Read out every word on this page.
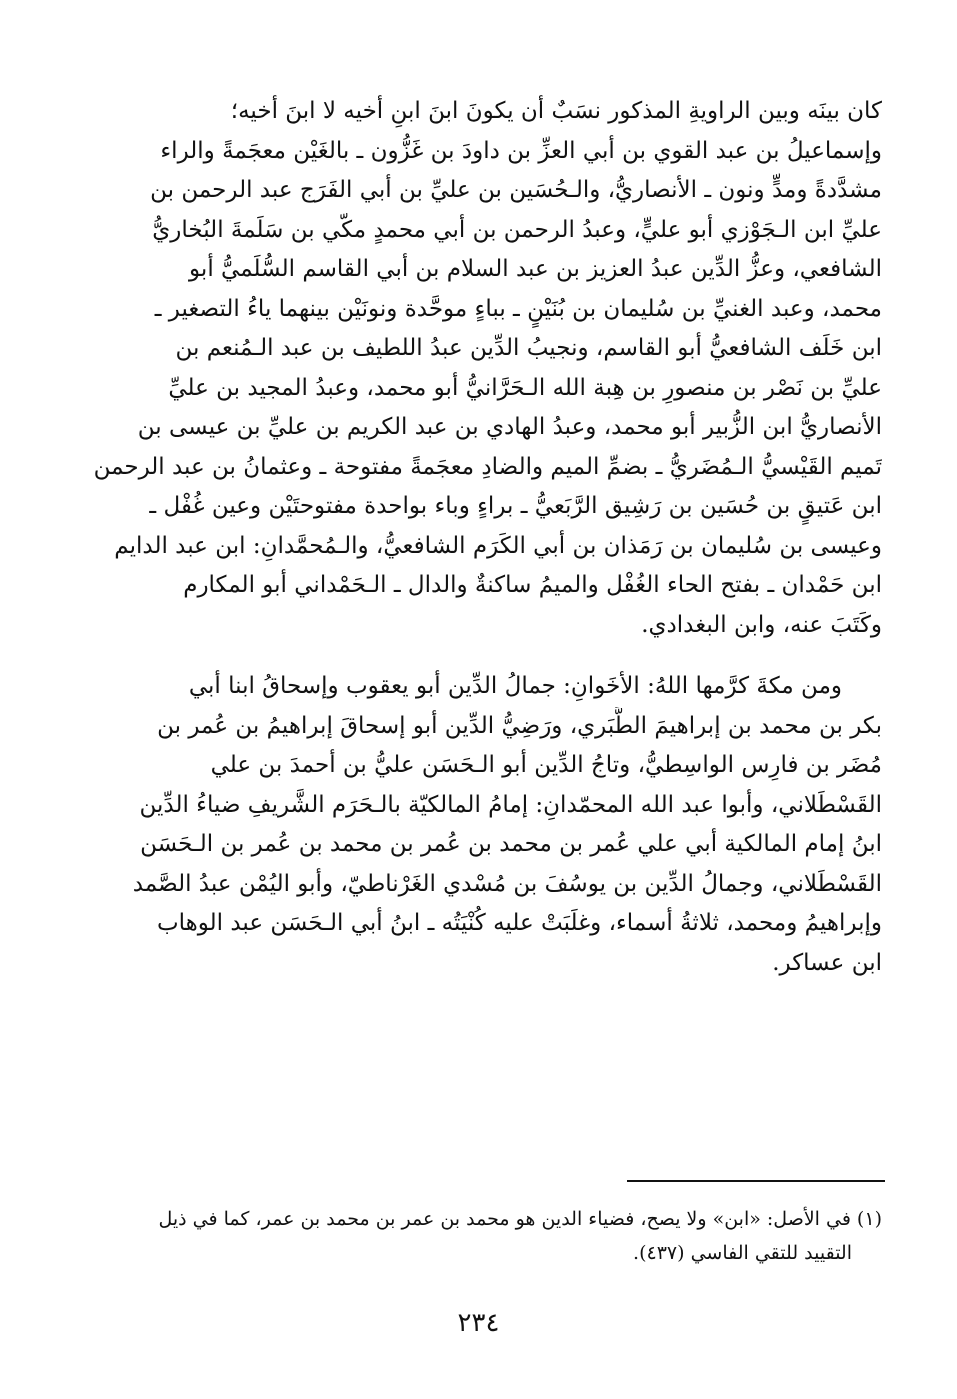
كان بينَه وبين الراويةِ المذكور نسَبٌ أن يكونَ ابنَ ابنِ أخيه لا ابنَ أخيه؛
وإسماعيلُ بن عبد القوي بن أبي العزِّ بن داودَ بن غَزُّون ـ بالغَيْن معجَمةً والراء
مشدَّدةً ومدٍّ ونون ـ الأنصاريُّ، والـحُسَين بن عليِّ بن أبي الفَرَج عبد الرحمن بن
عليِّ ابن الـجَوْزي أبو عليٍّ، وعبدُ الرحمن بن أبي محمدٍ مكّي بن سَلَمةَ البُخاريُّ
الشافعي، وعزُّ الدِّين عبدُ العزيز بن عبد السلام بن أبي القاسم السُّلَميُّ أبو
محمد، وعبد الغنيِّ بن سُليمان بن بُنَيْنٍ ـ بباءٍ موحَّدة ونونَيْن بينهما ياءُ التصغير ـ
ابن خَلَف الشافعيُّ أبو القاسم، ونجيبُ الدِّين عبدُ اللطيف بن عبد الـمُنعم بن
عليِّ بن نَصْر بن منصورِ بن هِبة الله الـحَرَّانيُّ أبو محمد، وعبدُ المجيد بن عليِّ
الأنصاريُّ ابن الزُّبير أبو محمد، وعبدُ الهادي بن عبد الكريم بن عليِّ بن عيسى بن
تَميم القَيْسيُّ الـمُضَريُّ ـ بضمِّ الميم والضادِ معجَمةً مفتوحة ـ وعثمانُ بن عبد الرحمن
ابن عَتيقٍ بن حُسَين بن رَشِيق الرَّبَعيُّ ـ براءٍ وباء بواحدة مفتوحتَيْن وعين غُفْل ـ
وعيسى بن سُليمان بن رَمَذان بن أبي الكَرَم الشافعيُّ، والـمُحمَّدانِ: ابن عبد الدايم
ابن حَمْدان ـ بفتح الحاء الغُفْل والميمُ ساكنةٌ والدال ـ الـحَمْداني أبو المكارم
وكَتَبَ عنه، وابن البغدادي.
ومن مكةَ كرَّمها اللهُ: الأخَوانِ: جمالُ الدِّين أبو يعقوب وإسحاقُ ابنا أبي
بكر بن محمد بن إبراهيمَ الطَّبَري، ورَضِيُّ الدِّين أبو إسحاقَ إبراهيمُ بن عُمر بن
مُضَر بن فارِس الواسِطيُّ، وتاجُ الدِّين أبو الـحَسَن عليُّ بن أحمدَ بن علي
القَسْطَلاني، وأبوا عبد الله المحمّدانِ: إمامُ المالكيّة بالـحَرَم الشَّريفِ ضياءُ الدِّين
ابنُ إمام المالكية أبي علي عُمر بن محمد بن عُمر بن محمد بن عُمر بن الـحَسَن
القَسْطَلاني، وجمالُ الدِّين بن يوسُفَ بن مُسْدي الغَرْناطيّ، وأبو اليُمْن عبدُ الصَّمد
وإبراهيمُ ومحمد، ثلاثةُ أسماء، وغلَبَتْ عليه كُنْيَتُه ـ ابنُ أبي الـحَسَن عبد الوهاب
ابن عساكر.
(١) في الأصل: «ابن» ولا يصح، فضياء الدين هو محمد بن عمر بن محمد بن عمر، كما في ذيل
التقييد للتقي الفاسي (٤٣٧).
٢٣٤
